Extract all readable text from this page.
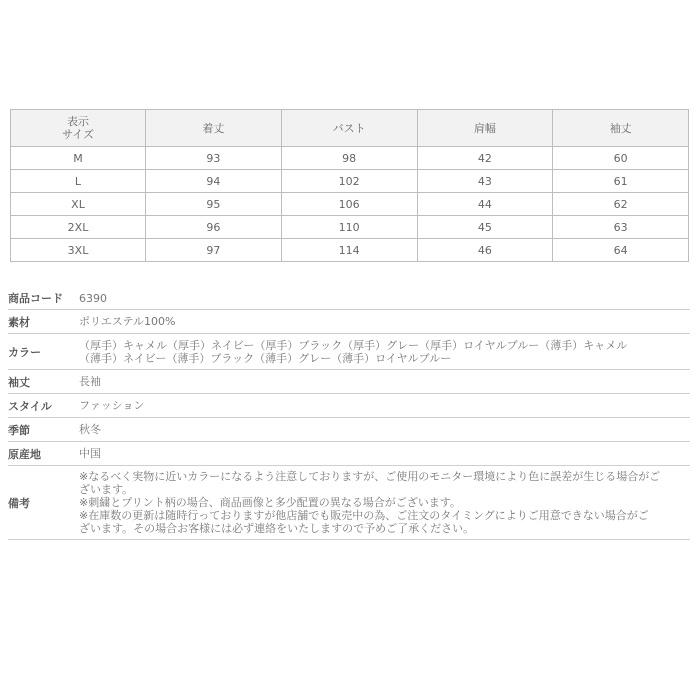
表示
サイズ	着丈	バスト	肩幅	袖丈
M	93	98	42	60
L	94	102	43	61
XL	95	106	44	62
2XL	96	110	45	63
3XL	97	114	46	64
商品コード	6390
素材	ポリエステル100%
カラー
（厚手）キャメル（厚手）ネイビー（厚手）ブラック（厚手）グレー（厚手）ロイヤルブルー（薄手）キャメル
（薄手）ネイビー（薄手）ブラック（薄手）グレー（薄手）ロイヤルブルー
袖丈	長袖
スタイル	ファッション
季節	秋冬
原産地	中国
備考
※なるべく実物に近いカラーになるよう注意しておりますが、ご使用のモニター環境により色に誤差が生じる場合がご
ざいます。
※刺繍とプリント柄の場合、商品画像と多少配置の異なる場合がございます。
※在庫数の更新は随時行っておりますが他店舗でも販売中の為、ご注文のタイミングによりご用意できない場合がご
ざいます。その場合お客様には必ず連絡をいたしますので予めご了承ください。
